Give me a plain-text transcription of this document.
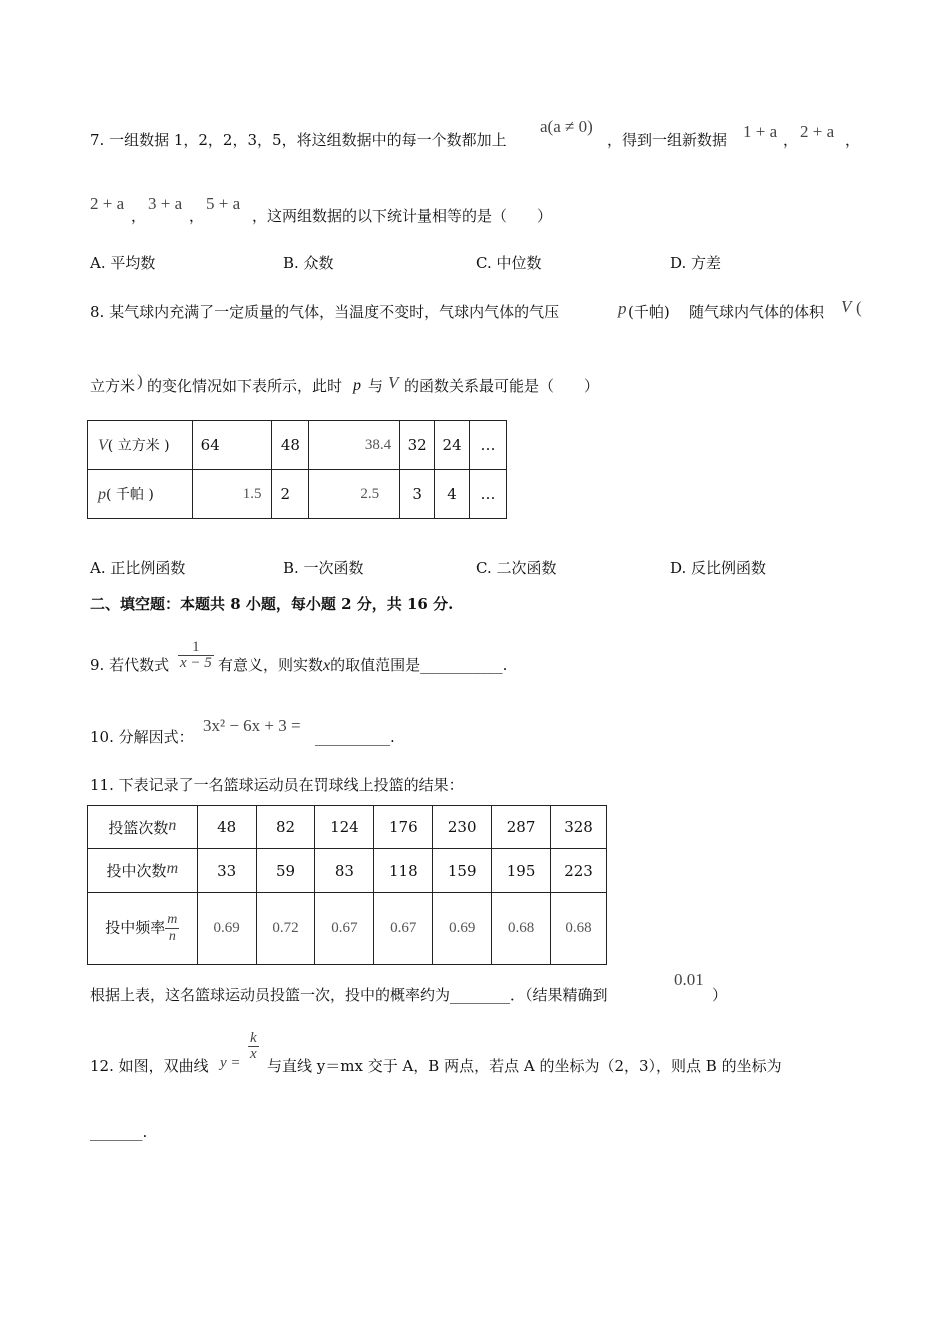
7. 一组数据 1，2，2，3，5，将这组数据中的每一个数都加上
a(a ≠ 0)
，得到一组新数据 1 + a ， 2 + a ，
2 + a
，
3 + a
，
5 + a
，这两组数据的以下统计量相等的是（　　）
A. 平均数	B. 众数	C. 中位数	D. 方差
8. 某气球内充满了一定质量的气体，当温度不变时，气球内气体的气压	p (千帕) 随气球内气体的体积 V (
立方米 ) 的变化情况如下表所示，此时 p 与 V 的函数关系最可能是（　　）
V( 立方米 )	64	48	38.4	32	24	…
p( 千帕 )	1.5	2	2.5	3	4	…
A. 正比例函数	B. 一次函数	C. 二次函数	D. 反比例函数
二、填空题：本题共 8 小题，每小题 2 分，共 16 分.
9. 若代数式 $\frac{1}{x - 5}$ 有意义，则实数x的取值范围是___________.
10. 分解因式：
3x² − 6x + 3 =
__________.
11. 下表记录了一名篮球运动员在罚球线上投篮的结果：
投篮次数n	48	82	124	176	230	287	328
投中次数m	33	59	83	118	159	195	223
投中频率 $\frac{m}{n}$	0.69	0.72	0.67	0.67	0.69	0.68	0.68
根据上表，这名篮球运动员投篮一次，投中的概率约为________．（结果精确到
0.01
）
12. 如图，双曲线 y =
$\frac{k}{x}$
与直线 y＝mx 交于 A，B 两点，若点 A 的坐标为（2，3），则点 B 的坐标为
_______.
